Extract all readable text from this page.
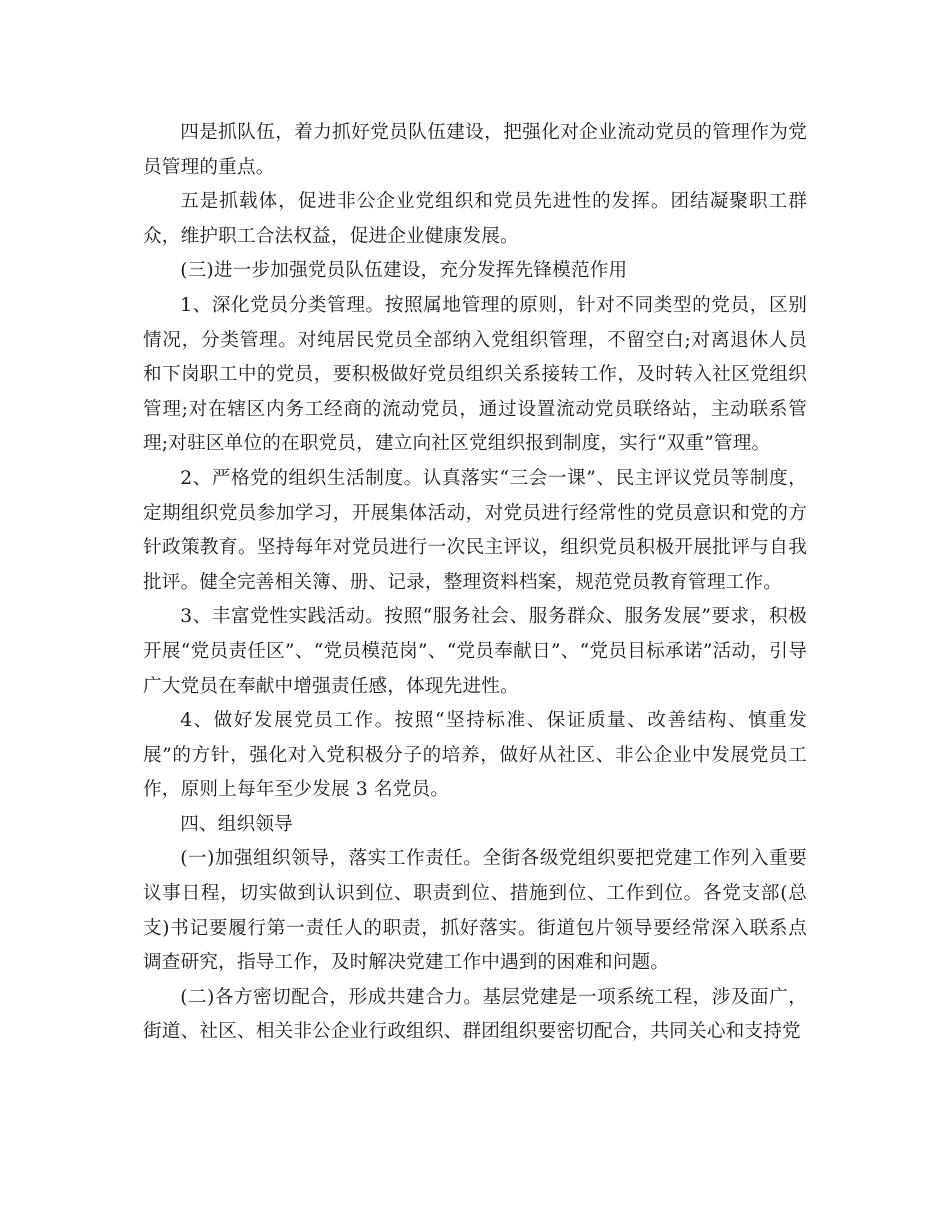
四是抓队伍，着力抓好党员队伍建设，把强化对企业流动党员的管理作为党员管理的重点。

五是抓载体，促进非公企业党组织和党员先进性的发挥。团结凝聚职工群众，维护职工合法权益，促进企业健康发展。

(三)进一步加强党员队伍建设，充分发挥先锋模范作用

1、深化党员分类管理。按照属地管理的原则，针对不同类型的党员，区别情况，分类管理。对纯居民党员全部纳入党组织管理，不留空白;对离退休人员和下岗职工中的党员，要积极做好党员组织关系接转工作，及时转入社区党组织管理;对在辖区内务工经商的流动党员，通过设置流动党员联络站，主动联系管理;对驻区单位的在职党员，建立向社区党组织报到制度，实行“双重”管理。

2、严格党的组织生活制度。认真落实“三会一课”、民主评议党员等制度，定期组织党员参加学习，开展集体活动，对党员进行经常性的党员意识和党的方针政策教育。坚持每年对党员进行一次民主评议，组织党员积极开展批评与自我批评。健全完善相关簿、册、记录，整理资料档案，规范党员教育管理工作。

3、丰富党性实践活动。按照“服务社会、服务群众、服务发展”要求，积极开展“党员责任区”、“党员模范岗”、“党员奉献日”、“党员目标承诺”活动，引导广大党员在奉献中增强责任感，体现先进性。

4、做好发展党员工作。按照“坚持标准、保证质量、改善结构、慎重发展”的方针，强化对入党积极分子的培养，做好从社区、非公企业中发展党员工作，原则上每年至少发展 3 名党员。

四、组织领导

(一)加强组织领导，落实工作责任。全街各级党组织要把党建工作列入重要议事日程，切实做到认识到位、职责到位、措施到位、工作到位。各党支部(总支)书记要履行第一责任人的职责，抓好落实。街道包片领导要经常深入联系点调查研究，指导工作，及时解决党建工作中遇到的困难和问题。

(二)各方密切配合，形成共建合力。基层党建是一项系统工程，涉及面广，街道、社区、相关非公企业行政组织、群团组织要密切配合，共同关心和支持党
